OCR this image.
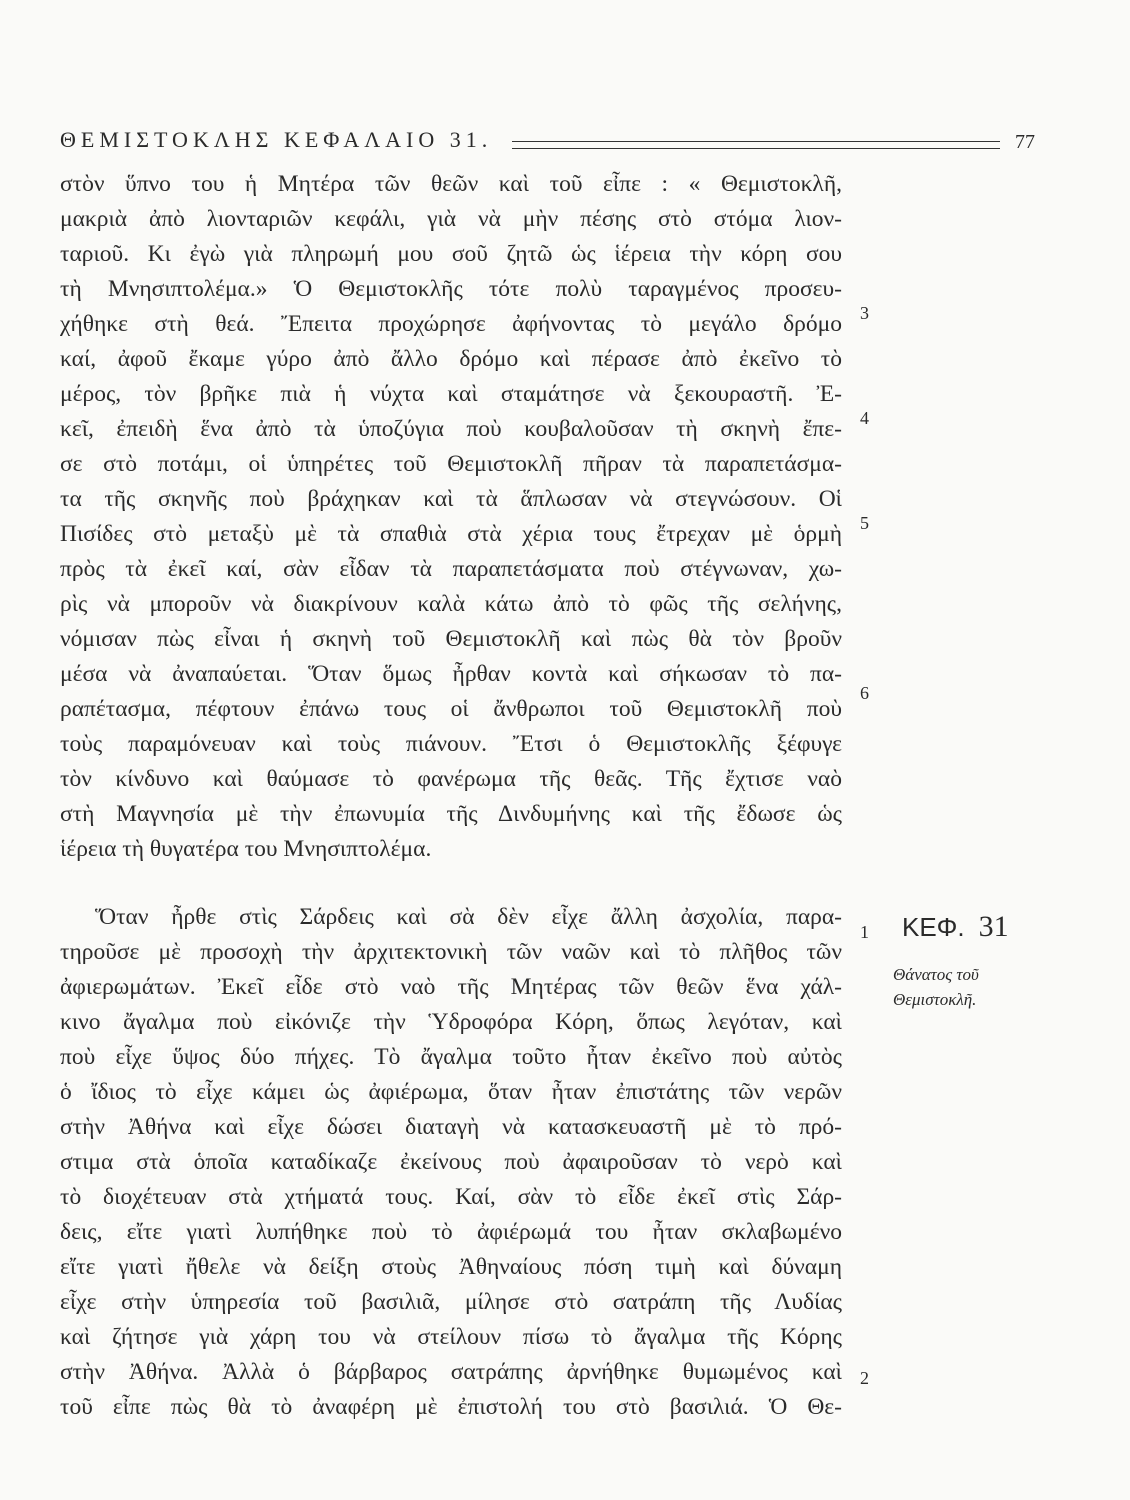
ΘΕΜΙΣΤΟΚΛΗΣ ΚΕΦΑΛΑΙΟ 31.	77
στὸν ὕπνο του ἡ Μητέρα τῶν θεῶν καὶ τοῦ εἶπε : « Θεμιστοκλῆ,
μακριὰ ἀπὸ λιονταριῶν κεφάλι, γιὰ νὰ μὴν πέσης στὸ στόμα λιον-
ταριοῦ. Κι ἐγὼ γιὰ πληρωμή μου σοῦ ζητῶ ὡς ἱέρεια τὴν κόρη σου
τὴ Μνησιπτολέμα.» Ὁ Θεμιστοκλῆς τότε πολὺ ταραγμένος προσευ-
χήθηκε στὴ θεά. Ἔπειτα προχώρησε ἀφήνοντας τὸ μεγάλο δρόμο
καί, ἀφοῦ ἔκαμε γύρο ἀπὸ ἄλλο δρόμο καὶ πέρασε ἀπὸ ἐκεῖνο τὸ
μέρος, τὸν βρῆκε πιὰ ἡ νύχτα καὶ σταμάτησε νὰ ξεκουραστῆ. Ἐ-
κεῖ, ἐπειδὴ ἕνα ἀπὸ τὰ ὑποζύγια ποὺ κουβαλοῦσαν τὴ σκηνὴ ἔπε-
σε στὸ ποτάμι, οἱ ὑπηρέτες τοῦ Θεμιστοκλῆ πῆραν τὰ παραπετάσμα-
τα τῆς σκηνῆς ποὺ βράχηκαν καὶ τὰ ἅπλωσαν νὰ στεγνώσουν. Οἱ
Πισίδες στὸ μεταξὺ μὲ τὰ σπαθιὰ στὰ χέρια τους ἔτρεχαν μὲ ὁρμὴ
πρὸς τὰ ἐκεῖ καί, σὰν εἶδαν τὰ παραπετάσματα ποὺ στέγνωναν, χω-
ρὶς νὰ μποροῦν νὰ διακρίνουν καλὰ κάτω ἀπὸ τὸ φῶς τῆς σελήνης,
νόμισαν πὼς εἶναι ἡ σκηνὴ τοῦ Θεμιστοκλῆ καὶ πὼς θὰ τὸν βροῦν
μέσα νὰ ἀναπαύεται. Ὅταν ὅμως ἦρθαν κοντὰ καὶ σήκωσαν τὸ πα-
ραπέτασμα, πέφτουν ἐπάνω τους οἱ ἄνθρωποι τοῦ Θεμιστοκλῆ ποὺ
τοὺς παραμόνευαν καὶ τοὺς πιάνουν. Ἔτσι ὁ Θεμιστοκλῆς ξέφυγε
τὸν κίνδυνο καὶ θαύμασε τὸ φανέρωμα τῆς θεᾶς. Τῆς ἔχτισε ναὸ
στὴ Μαγνησία μὲ τὴν ἐπωνυμία τῆς Δινδυμήνης καὶ τῆς ἔδωσε ὡς
ἱέρεια τὴ θυγατέρα του Μνησιπτολέμα.
Ὅταν ἦρθε στὶς Σάρδεις καὶ σὰ δὲν εἶχε ἄλλη ἀσχολία, παρα-
τηροῦσε μὲ προσοχὴ τὴν ἀρχιτεκτονικὴ τῶν ναῶν καὶ τὸ πλῆθος τῶν
ἀφιερωμάτων. Ἐκεῖ εἶδε στὸ ναὸ τῆς Μητέρας τῶν θεῶν ἕνα χάλ-
κινο ἄγαλμα ποὺ εἰκόνιζε τὴν Ὑδροφόρα Κόρη, ὅπως λεγόταν, καὶ
ποὺ εἶχε ὕψος δύο πήχες. Τὸ ἄγαλμα τοῦτο ἦταν ἐκεῖνο ποὺ αὐτὸς
ὁ ἴδιος τὸ εἶχε κάμει ὡς ἀφιέρωμα, ὅταν ἦταν ἐπιστάτης τῶν νερῶν
στὴν Ἀθήνα καὶ εἶχε δώσει διαταγὴ νὰ κατασκευαστῆ μὲ τὸ πρό-
στιμα στὰ ὁποῖα καταδίκαζε ἐκείνους ποὺ ἀφαιροῦσαν τὸ νερὸ καὶ
τὸ διοχέτευαν στὰ χτήματά τους. Καί, σὰν τὸ εἶδε ἐκεῖ στὶς Σάρ-
δεις, εἴτε γιατὶ λυπήθηκε ποὺ τὸ ἀφιέρωμά του ἦταν σκλαβωμένο
εἴτε γιατὶ ἤθελε νὰ δείξη στοὺς Ἀθηναίους πόση τιμὴ καὶ δύναμη
εἶχε στὴν ὑπηρεσία τοῦ βασιλιᾶ, μίλησε στὸ σατράπη τῆς Λυδίας
καὶ ζήτησε γιὰ χάρη του νὰ στείλουν πίσω τὸ ἄγαλμα τῆς Κόρης
στὴν Ἀθήνα. Ἀλλὰ ὁ βάρβαρος σατράπης ἀρνήθηκε θυμωμένος καὶ
τοῦ εἶπε πὼς θὰ τὸ ἀναφέρη μὲ ἐπιστολή του στὸ βασιλιά. Ὁ Θε-
3
4
5
6
1
2
ΚΕΦ. 31
Θάνατος τοῦ
Θεμιστοκλῆ.
